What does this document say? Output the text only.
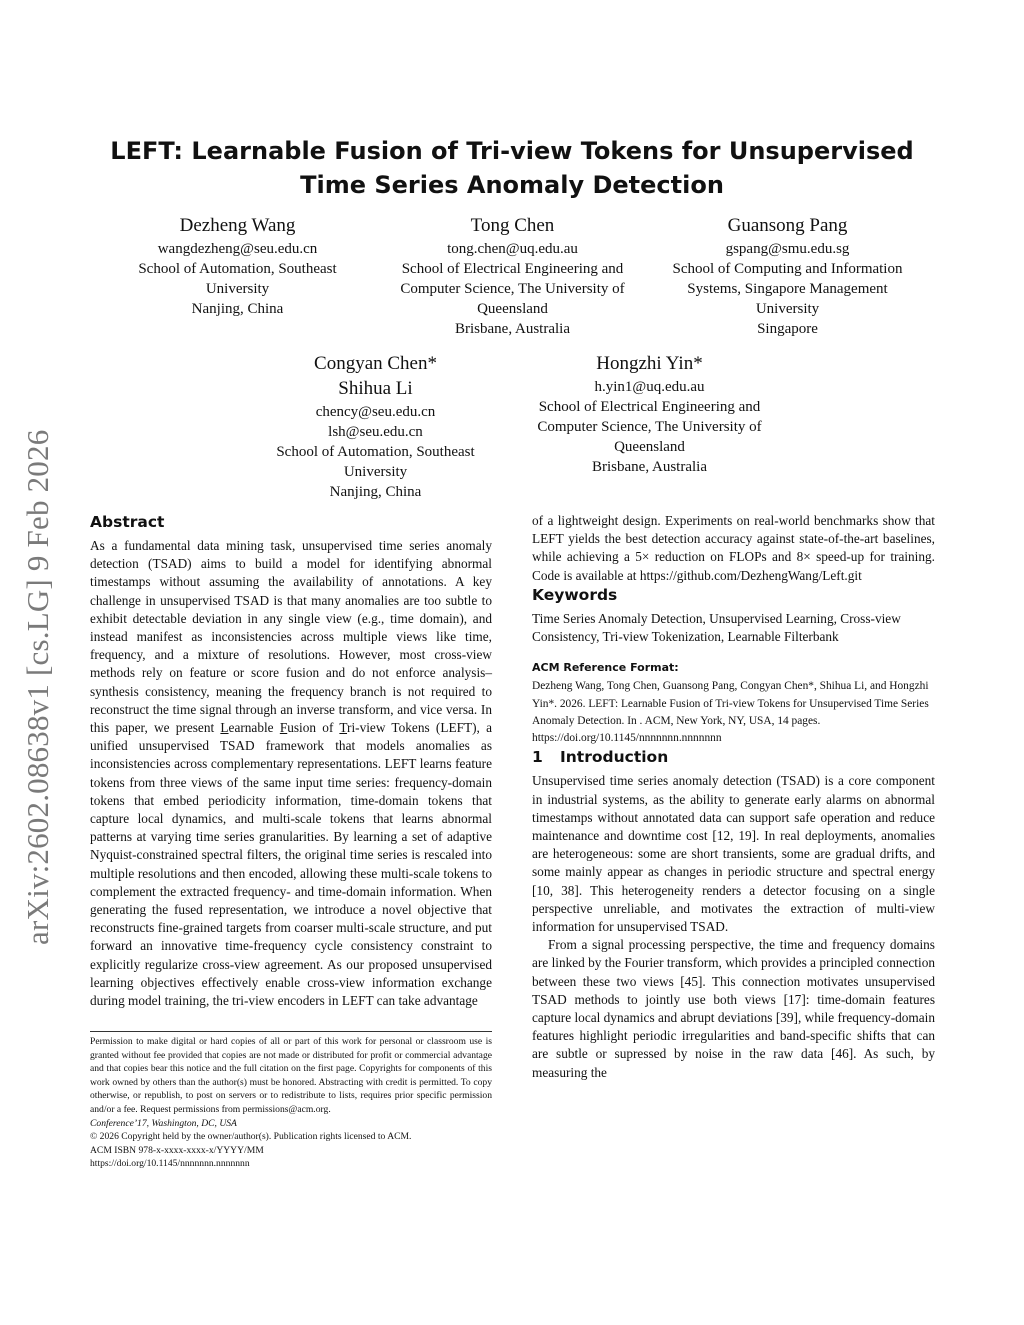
arXiv:2602.08638v1 [cs.LG] 9 Feb 2026
LEFT: Learnable Fusion of Tri-view Tokens for Unsupervised
Time Series Anomaly Detection
Dezheng Wang
wangdezheng@seu.edu.cn
School of Automation, Southeast
University
Nanjing, China
Tong Chen
tong.chen@uq.edu.au
School of Electrical Engineering and
Computer Science, The University of
Queensland
Brisbane, Australia
Guansong Pang
gspang@smu.edu.sg
School of Computing and Information
Systems, Singapore Management
University
Singapore
Congyan Chen*
Shihua Li
chency@seu.edu.cn
lsh@seu.edu.cn
School of Automation, Southeast
University
Nanjing, China
Hongzhi Yin*
h.yin1@uq.edu.au
School of Electrical Engineering and
Computer Science, The University of
Queensland
Brisbane, Australia
Abstract

As a fundamental data mining task, unsupervised time series anomaly detection (TSAD) aims to build a model for identifying abnormal timestamps without assuming the availability of annotations. A key challenge in unsupervised TSAD is that many anomalies are too subtle to exhibit detectable deviation in any single view (e.g., time domain), and instead manifest as inconsistencies across multiple views like time, frequency, and a mixture of resolutions. However, most cross-view methods rely on feature or score fusion and do not enforce analysis–synthesis consistency, meaning the frequency branch is not required to reconstruct the time signal through an inverse transform, and vice versa. In this paper, we present Learnable Fusion of Tri-view Tokens (LEFT), a unified unsupervised TSAD framework that models anomalies as inconsistencies across complementary representations. LEFT learns feature tokens from three views of the same input time series: frequency-domain tokens that embed periodicity information, time-domain tokens that capture local dynamics, and multi-scale tokens that learns abnormal patterns at varying time series granularities. By learning a set of adaptive Nyquist-constrained spectral filters, the original time series is rescaled into multiple resolutions and then encoded, allowing these multi-scale tokens to complement the extracted frequency- and time-domain information. When generating the fused representation, we introduce a novel objective that reconstructs fine-grained targets from coarser multi-scale structure, and put forward an innovative time-frequency cycle consistency constraint to explicitly regularize cross-view agreement. As our proposed unsupervised learning objectives effectively enable cross-view information exchange during model training, the tri-view encoders in LEFT can take advantage

of a lightweight design. Experiments on real-world benchmarks show that LEFT yields the best detection accuracy against state-of-the-art baselines, while achieving a 5× reduction on FLOPs and 8× speed-up for training. Code is available at https://github.com/DezhengWang/Left.git

Keywords

Time Series Anomaly Detection, Unsupervised Learning, Cross-view Consistency, Tri-view Tokenization, Learnable Filterbank

ACM Reference Format:

Dezheng Wang, Tong Chen, Guansong Pang, Congyan Chen*, Shihua Li, and Hongzhi Yin*. 2026. LEFT: Learnable Fusion of Tri-view Tokens for Unsupervised Time Series Anomaly Detection. In . ACM, New York, NY, USA, 14 pages. https://doi.org/10.1145/nnnnnnn.nnnnnnn

1 Introduction

Unsupervised time series anomaly detection (TSAD) is a core component in industrial systems, as the ability to generate early alarms on abnormal timestamps without annotated data can support safe operation and reduce maintenance and downtime cost [12, 19]. In real deployments, anomalies are heterogeneous: some are short transients, some are gradual drifts, and some mainly appear as changes in periodic structure and spectral energy [10, 38]. This heterogeneity renders a detector focusing on a single perspective unreliable, and motivates the extraction of multi-view information for unsupervised TSAD.

From a signal processing perspective, the time and frequency domains are linked by the Fourier transform, which provides a principled connection between these two views [45]. This connection motivates unsupervised TSAD methods to jointly use both views [17]: time-domain features capture local dynamics and abrupt deviations [39], while frequency-domain features highlight periodic irregularities and band-specific shifts that can are subtle or supressed by noise in the raw data [46]. As such, by measuring the

Permission to make digital or hard copies of all or part of this work for personal or classroom use is granted without fee provided that copies are not made or distributed for profit or commercial advantage and that copies bear this notice and the full citation on the first page. Copyrights for components of this work owned by others than the author(s) must be honored. Abstracting with credit is permitted. To copy otherwise, or republish, to post on servers or to redistribute to lists, requires prior specific permission and/or a fee. Request permissions from permissions@acm.org.

Conference’17, Washington, DC, USA

© 2026 Copyright held by the owner/author(s). Publication rights licensed to ACM.

ACM ISBN 978-x-xxxx-xxxx-x/YYYY/MM

https://doi.org/10.1145/nnnnnnn.nnnnnnn
